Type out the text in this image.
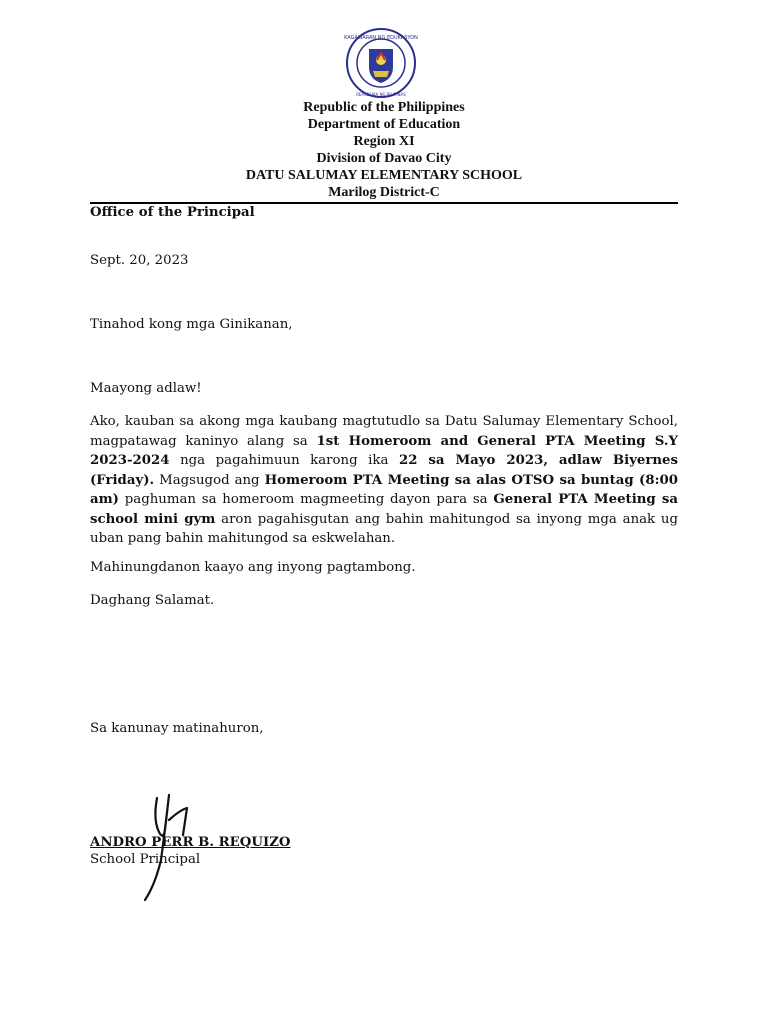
KAGAWARAN NG EDUKASYON
REPUBLIKA NG PILIPINAS
Republic of the Philippines
Department of Education
Region XI
Division of Davao City
DATU SALUMAY ELEMENTARY SCHOOL
Marilog District-C
Office of the Principal
Sept. 20, 2023
Tinahod kong mga Ginikanan,
Maayong adlaw!
Ako, kauban sa akong mga kaubang magtutudlo sa Datu Salumay Elementary School, magpatawag kaninyo alang sa 1st Homeroom and General PTA Meeting S.Y 2023-2024 nga pagahimuun karong ika 22 sa Mayo 2023, adlaw Biyernes (Friday). Magsugod ang Homeroom PTA Meeting sa alas OTSO sa buntag (8:00 am) paghuman sa homeroom magmeeting dayon para sa General PTA Meeting sa school mini gym aron pagahisgutan ang bahin mahitungod sa inyong mga anak ug uban pang bahin mahitungod sa eskwelahan.
Mahinungdanon kaayo ang inyong pagtambong.
Daghang Salamat.
Sa kanunay matinahuron,
ANDRO PERR B. REQUIZO
School Principal
